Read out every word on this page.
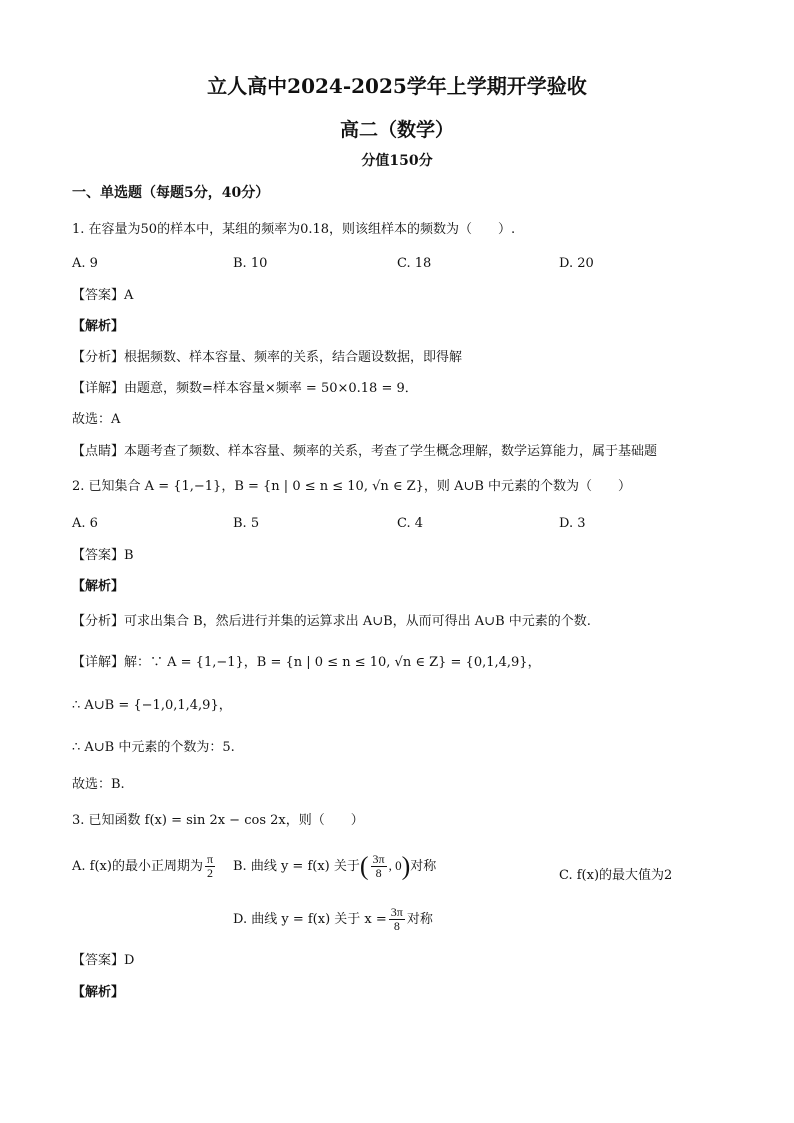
立人高中2024-2025学年上学期开学验收
高二（数学）
分值150分
一、单选题（每题5分，40分）
1. 在容量为50的样本中，某组的频率为0.18，则该组样本的频数为（　　）.
A. 9	B. 10	C. 18	D. 20
【答案】A
【解析】
【分析】根据频数、样本容量、频率的关系，结合题设数据，即得解
【详解】由题意，频数=样本容量×频率 = 50×0.18 = 9．
故选：A
【点睛】本题考查了频数、样本容量、频率的关系，考查了学生概念理解，数学运算能力，属于基础题
2. 已知集合 A = {1,−1}，B = {n | 0 ≤ n ≤ 10, √n ∈ Z}，则 A∪B 中元素的个数为（　　）
A. 6	B. 5	C. 4	D. 3
【答案】B
【解析】
【分析】可求出集合 B，然后进行并集的运算求出 A∪B，从而可得出 A∪B 中元素的个数.
【详解】解：∵ A = {1,−1}，B = {n | 0 ≤ n ≤ 10, √n ∈ Z} = {0,1,4,9}，
∴ A∪B = {−1,0,1,4,9}，
∴ A∪B 中元素的个数为：5.
故选：B.
3. 已知函数 f(x) = sin 2x − cos 2x，则（　　）
A. f(x)的最小正周期为 $\frac{\pi}{2} B$. 曲线 y = f(x) 关于( $\frac{3\pi}{8}$ , 0)对称
C. f(x)的最大值为2
D. 曲线 y = f(x) 关于 $x = \frac{3\pi}{8}$ 对称
【答案】D
【解析】
